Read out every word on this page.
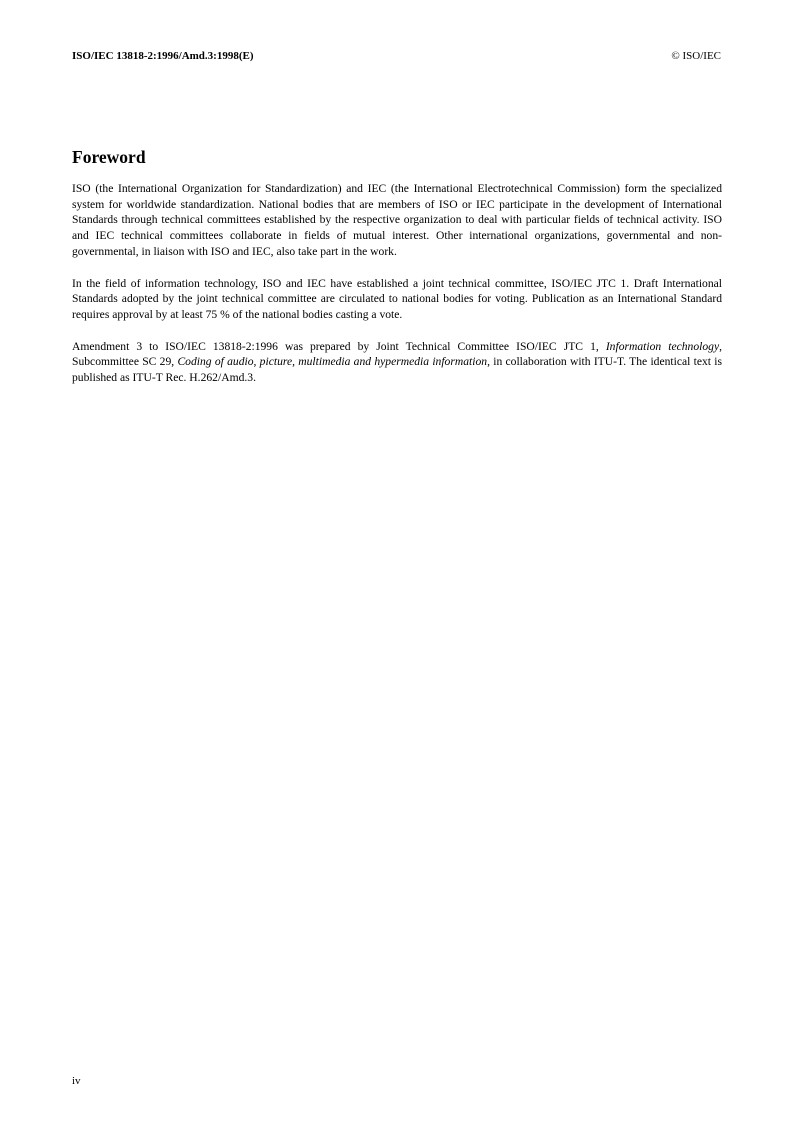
ISO/IEC 13818-2:1996/Amd.3:1998(E)	© ISO/IEC
Foreword

ISO (the International Organization for Standardization) and IEC (the International Electrotechnical Commission) form the specialized system for worldwide standardization. National bodies that are members of ISO or IEC participate in the development of International Standards through technical committees established by the respective organization to deal with particular fields of technical activity. ISO and IEC technical committees collaborate in fields of mutual interest. Other international organizations, governmental and non-governmental, in liaison with ISO and IEC, also take part in the work.

In the field of information technology, ISO and IEC have established a joint technical committee, ISO/IEC JTC 1. Draft International Standards adopted by the joint technical committee are circulated to national bodies for voting. Publication as an International Standard requires approval by at least 75 % of the national bodies casting a vote.

Amendment 3 to ISO/IEC 13818-2:1996 was prepared by Joint Technical Committee ISO/IEC JTC 1, Information technology, Subcommittee SC 29, Coding of audio, picture, multimedia and hypermedia information, in collaboration with ITU-T. The identical text is published as ITU-T Rec. H.262/Amd.3.

iv
